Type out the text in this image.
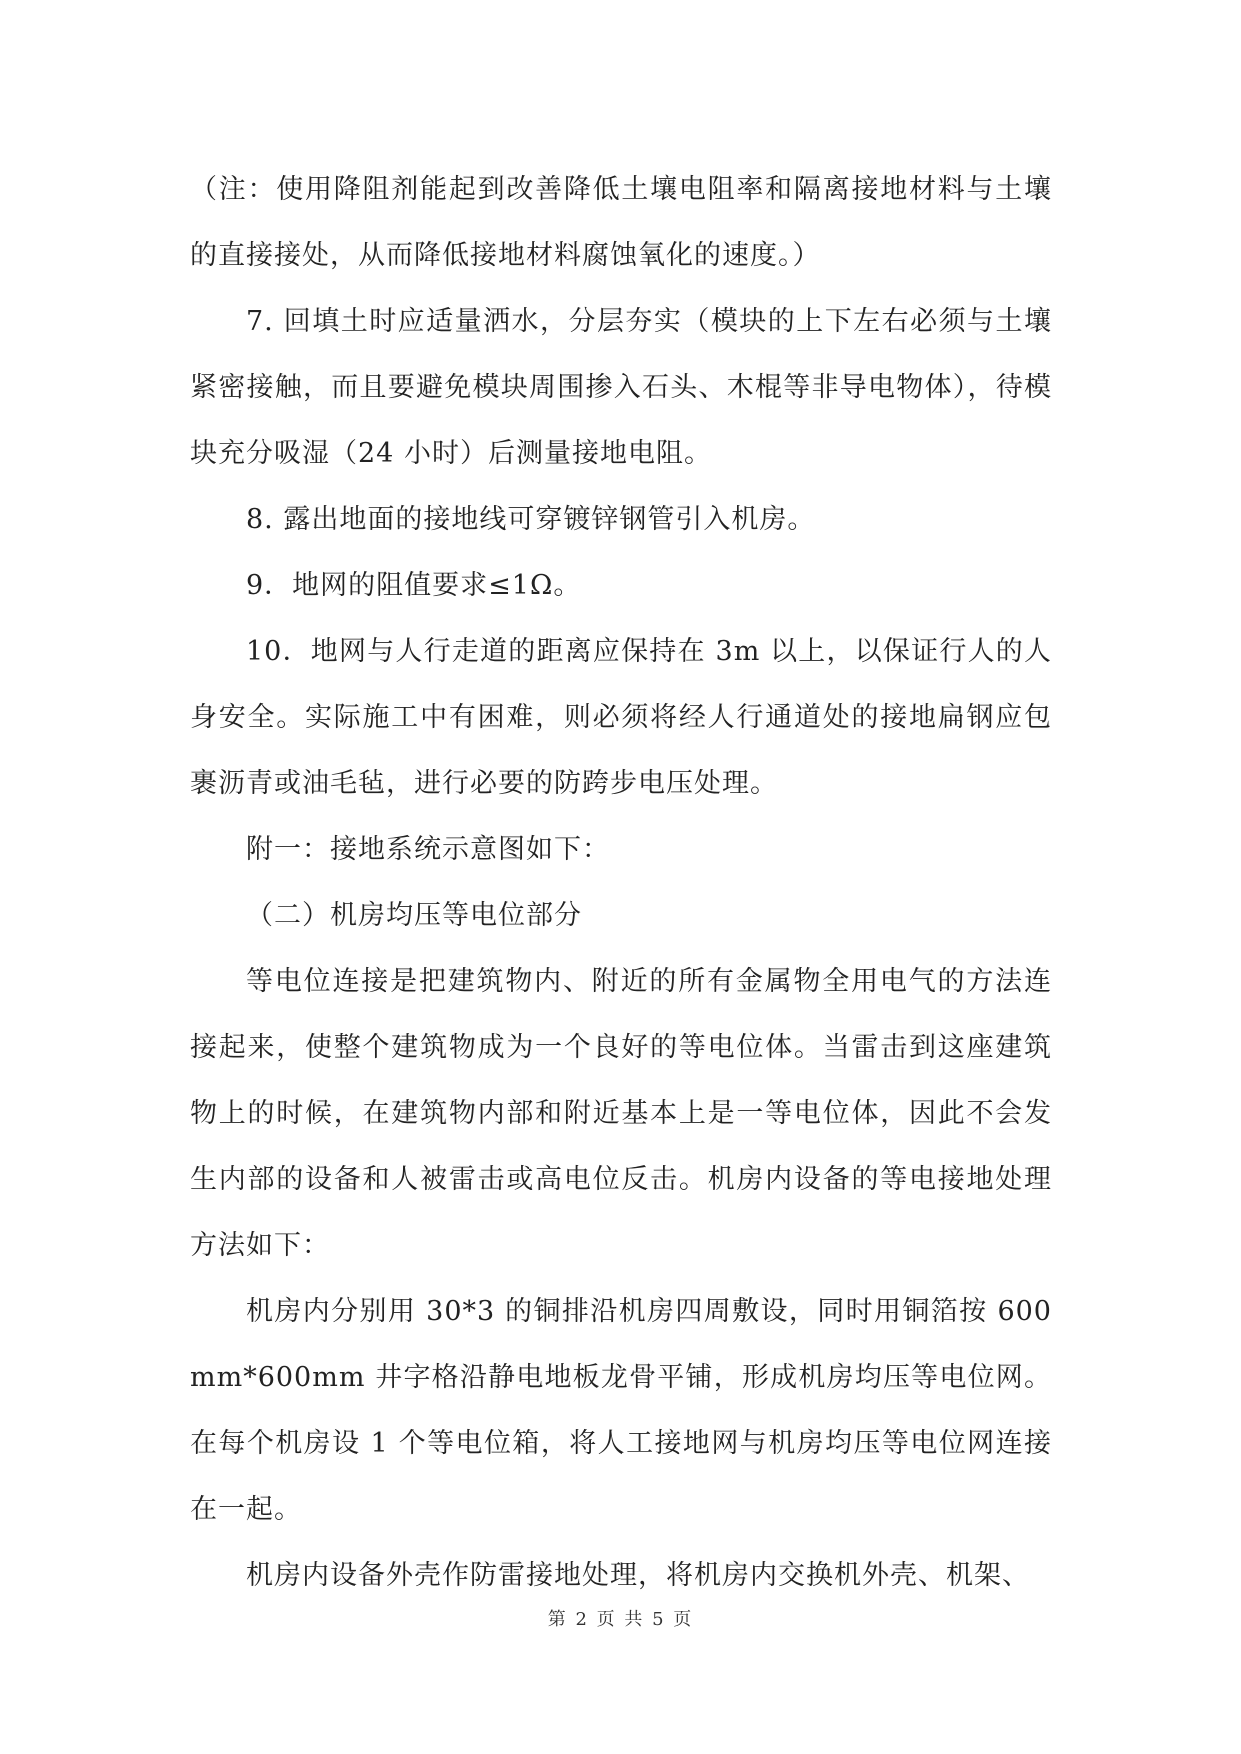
（注：使用降阻剂能起到改善降低土壤电阻率和隔离接地材料与土壤的直接接处，从而降低接地材料腐蚀氧化的速度。）

7. 回填土时应适量洒水，分层夯实（模块的上下左右必须与土壤紧密接触，而且要避免模块周围掺入石头、木棍等非导电物体），待模块充分吸湿（24 小时）后测量接地电阻。

8. 露出地面的接地线可穿镀锌钢管引入机房。

9．地网的阻值要求≤1Ω。

10．地网与人行走道的距离应保持在 3m 以上，以保证行人的人身安全。实际施工中有困难，则必须将经人行通道处的接地扁钢应包裹沥青或油毛毡，进行必要的防跨步电压处理。

附一：接地系统示意图如下：

（二）机房均压等电位部分

等电位连接是把建筑物内、附近的所有金属物全用电气的方法连接起来，使整个建筑物成为一个良好的等电位体。当雷击到这座建筑物上的时候，在建筑物内部和附近基本上是一等电位体，因此不会发生内部的设备和人被雷击或高电位反击。机房内设备的等电接地处理方法如下：

机房内分别用 30*3 的铜排沿机房四周敷设，同时用铜箔按 600mm*600mm 井字格沿静电地板龙骨平铺，形成机房均压等电位网。在每个机房设 1 个等电位箱，将人工接地网与机房均压等电位网连接在一起。

机房内设备外壳作防雷接地处理，将机房内交换机外壳、机架、

第 2 页 共 5 页
